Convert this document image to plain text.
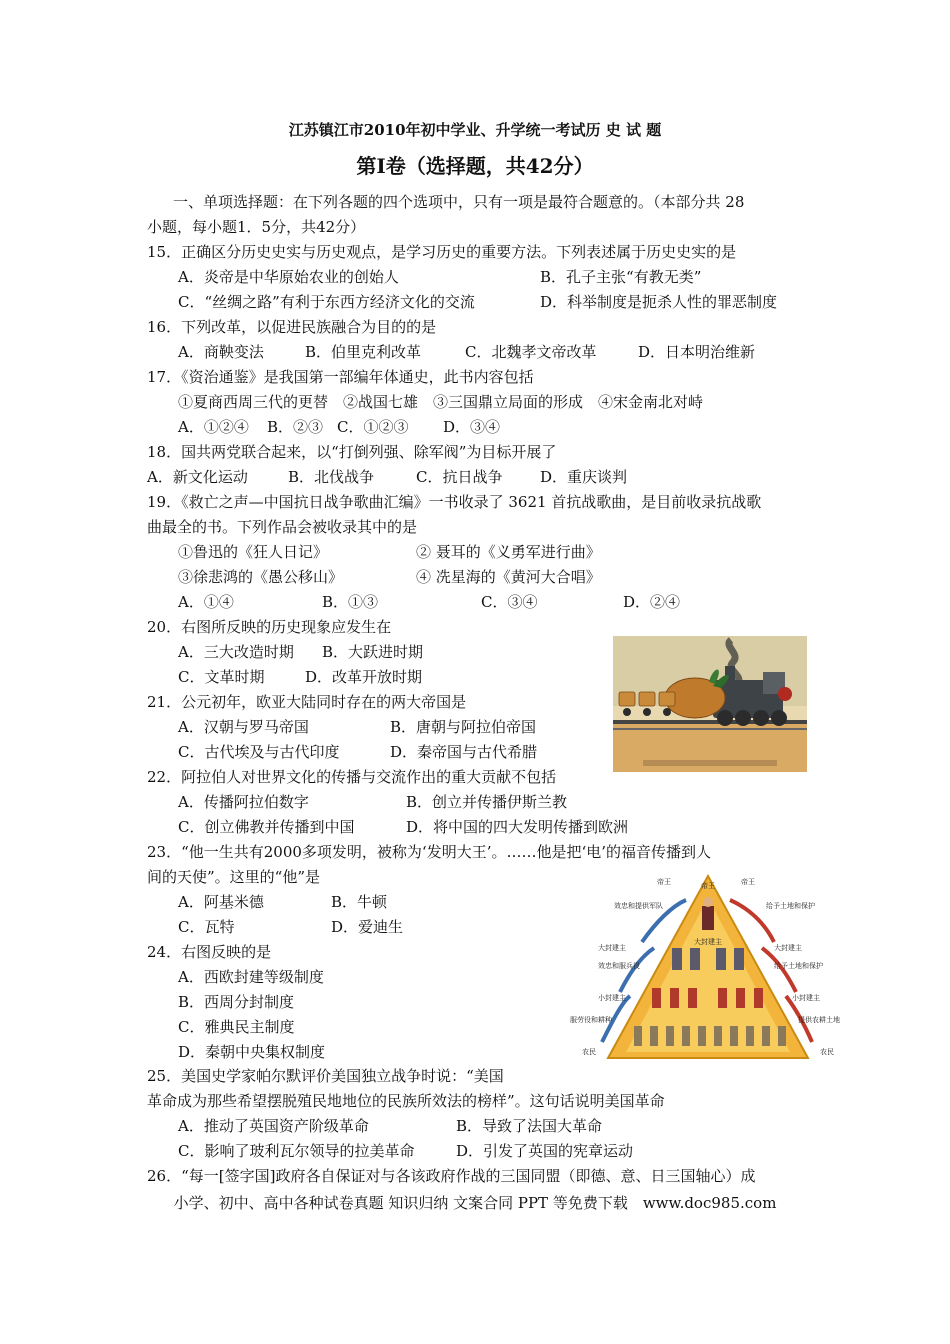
江苏镇江市2010年初中学业、升学统一考试历 史 试 题
第Ⅰ卷（选择题，共42分）
一、单项选择题：在下列各题的四个选项中，只有一项是最符合题意的。（本部分共 28
小题，每小题1．5分，共42分）
15．正确区分历史史实与历史观点，是学习历史的重要方法。下列表述属于历史史实的是
A．炎帝是中华原始农业的创始人	B．孔子主张“有教无类”
C．“丝绸之路”有利于东西方经济文化的交流	D．科举制度是扼杀人性的罪恶制度
16．下列改革，以促进民族融合为目的的是
A．商鞅变法	B．伯里克利改革	C．北魏孝文帝改革	D．日本明治维新
17．《资治通鉴》是我国第一部编年体通史，此书内容包括
①夏商西周三代的更替　②战国七雄　③三国鼎立局面的形成　④宋金南北对峙
A．①②④ B．②③ C．①②③ D．③④
18．国共两党联合起来，以“打倒列强、除军阀”为目标开展了
A．新文化运动	B．北伐战争	C．抗日战争	D．重庆谈判
19．《救亡之声—中国抗日战争歌曲汇编》一书收录了 3621 首抗战歌曲，是目前收录抗战歌
曲最全的书。下列作品会被收录其中的是
①鲁迅的《狂人日记》	② 聂耳的《义勇军进行曲》
③徐悲鸿的《愚公移山》	④ 冼星海的《黄河大合唱》
A．①④	B．①③	C．③④	D．②④
20．右图所反映的历史现象应发生在
A．三大改造时期 B．大跃进时期
C．文革时期	D．改革开放时期
21．公元初年，欧亚大陆同时存在的两大帝国是
A．汉朝与罗马帝国	B．唐朝与阿拉伯帝国
C．古代埃及与古代印度	D．秦帝国与古代希腊
22．阿拉伯人对世界文化的传播与交流作出的重大贡献不包括
A．传播阿拉伯数字	B．创立并传播伊斯兰教
C．创立佛教并传播到中国	D．将中国的四大发明传播到欧洲
23．“他一生共有2000多项发明，被称为‘发明大王’。……他是把‘电’的福音传播到人
间的天使”。这里的“他”是
A．阿基米德	B．牛顿
C．瓦特	D．爱迪生
24．右图反映的是
A．西欧封建等级制度
B．西周分封制度
C．雅典民主制度
D．秦朝中央集权制度
25．美国史学家帕尔默评价美国独立战争时说：“美国
革命成为那些希望摆脱殖民地地位的民族所效法的榜样”。这句话说明美国革命
A．推动了英国资产阶级革命	B．导致了法国大革命
C．影响了玻利瓦尔领导的拉美革命	D．引发了英国的宪章运动
26．“每一[签字国]政府各自保证对与各该政府作战的三国同盟（即德、意、日三国轴心）成
小学、初中、高中各种试卷真题 知识归纳 文案合同 PPT 等免费下载　www.doc985.com
帝王	帝王	帝王
效忠和提供军队
大封建主
大封建主
大封建主
给予土地和保护
效忠和服兵役	给予土地和保护
小封建主	小封建主
服劳役和耕种	提供农耕土地
农民	农民
